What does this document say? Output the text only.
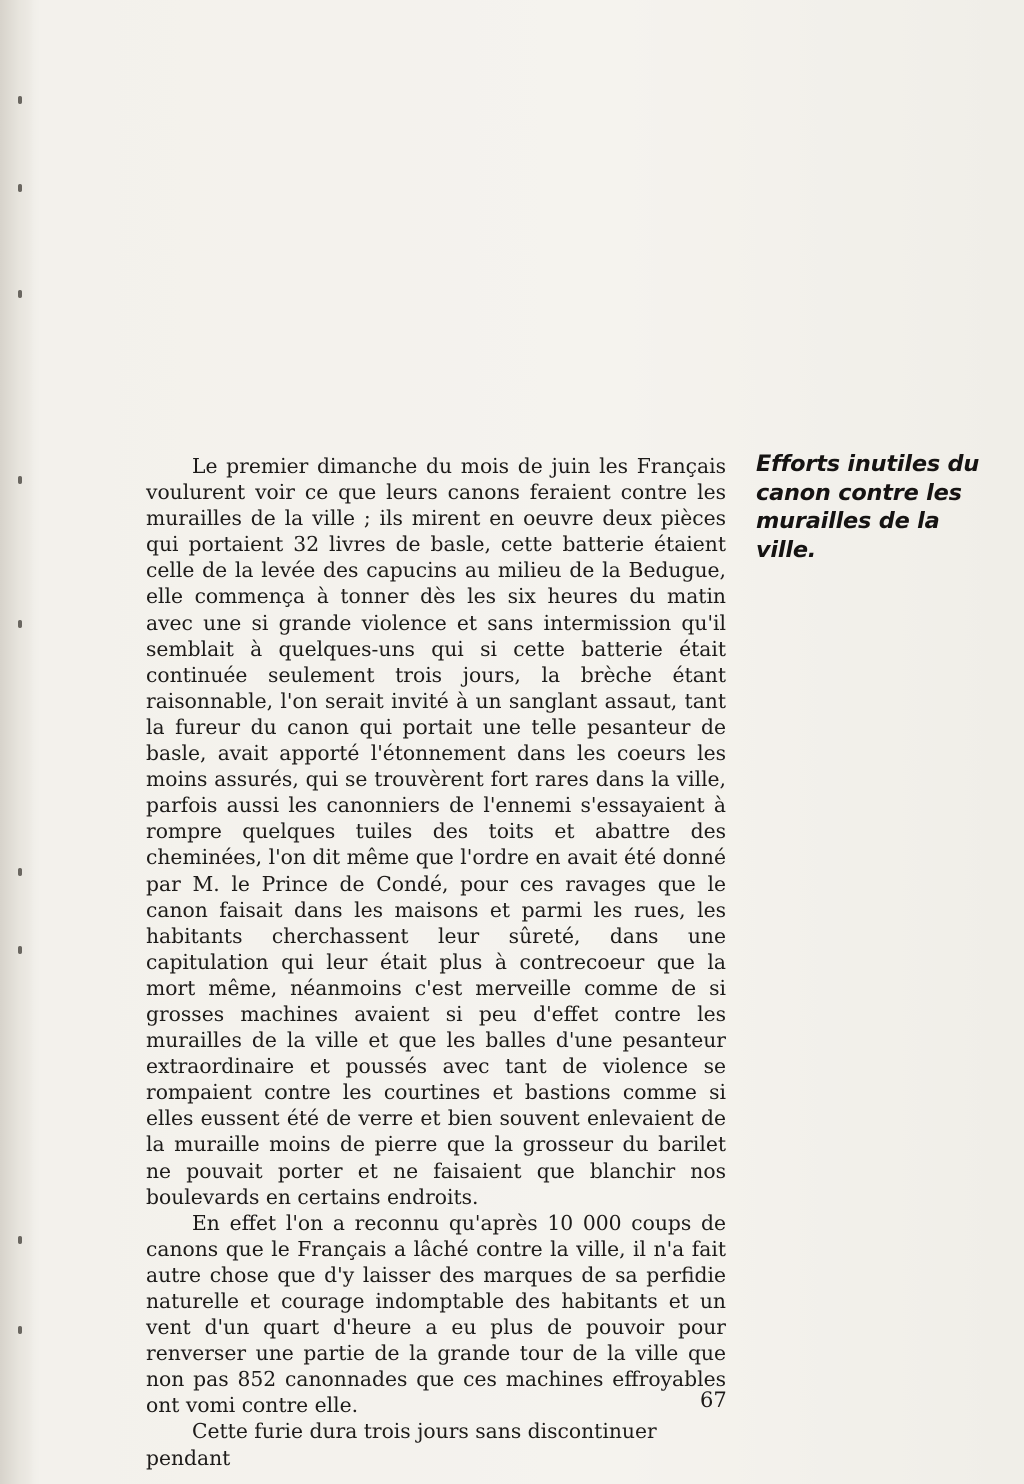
Le premier dimanche du mois de juin les Français voulurent voir ce que leurs canons feraient contre les murailles de la ville ; ils mirent en oeuvre deux pièces qui portaient 32 livres de basle, cette batterie étaient celle de la levée des capucins au milieu de la Bedugue, elle commença à tonner dès les six heures du matin avec une si grande violence et sans intermission qu'il semblait à quelques-uns qui si cette batterie était continuée seulement trois jours, la brèche étant raisonnable, l'on serait invité à un sanglant assaut, tant la fureur du canon qui portait une telle pesanteur de basle, avait apporté l'étonnement dans les coeurs les moins assurés, qui se trouvèrent fort rares dans la ville, parfois aussi les canonniers de l'ennemi s'essayaient à rompre quelques tuiles des toits et abattre des cheminées, l'on dit même que l'ordre en avait été donné par M. le Prince de Condé, pour ces ravages que le canon faisait dans les maisons et parmi les rues, les habitants cherchassent leur sûreté, dans une capitulation qui leur était plus à contrecoeur que la mort même, néanmoins c'est merveille comme de si grosses machines avaient si peu d'effet contre les murailles de la ville et que les balles d'une pesanteur extraordinaire et poussés avec tant de violence se rompaient contre les courtines et bastions comme si elles eussent été de verre et bien souvent enlevaient de la muraille moins de pierre que la grosseur du barilet ne pouvait porter et ne faisaient que blanchir nos boulevards en certains endroits.

En effet l'on a reconnu qu'après 10 000 coups de canons que le Français a lâché contre la ville, il n'a fait autre chose que d'y laisser des marques de sa perfidie naturelle et courage indomptable des habitants et un vent d'un quart d'heure a eu plus de pouvoir pour renverser une partie de la grande tour de la ville que non pas 852 canonnades que ces machines effroyables ont vomi contre elle.

Cette furie dura trois jours sans discontinuer pendant

Efforts inutiles du canon contre les murailles de la ville.
67
